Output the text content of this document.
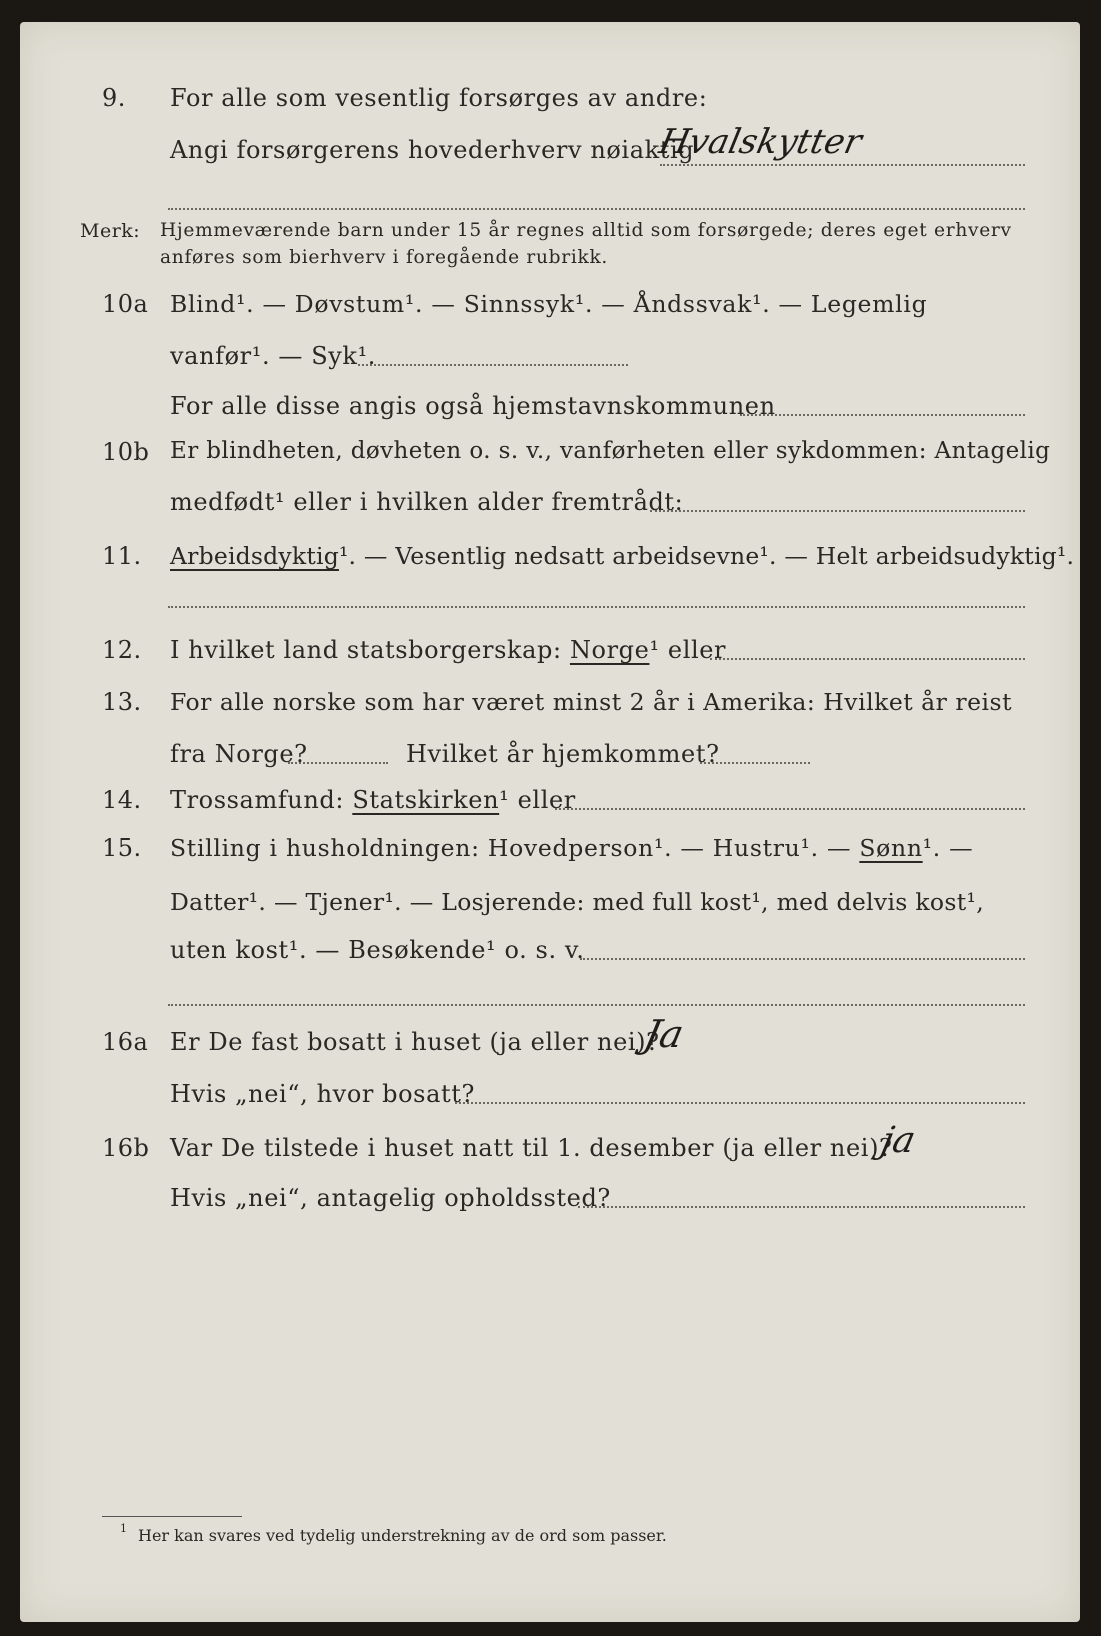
9. For alle som vesentlig forsørges av andre:
Angi forsørgerens hovederhverv nøiaktig
Hvalskytter
Merk: Hjemmeværende barn under 15 år regnes alltid som forsørgede; deres eget erhverv
anføres som bierhverv i foregående rubrikk.
10a Blind¹. — Døvstum¹. — Sinnssyk¹. — Åndssvak¹. — Legemlig
vanfør¹. — Syk¹.
For alle disse angis også hjemstavnskommunen
10b Er blindheten, døvheten o. s. v., vanførheten eller sykdommen: Antagelig
medfødt¹ eller i hvilken alder fremtrådt:
11. Arbeidsdyktig¹. — Vesentlig nedsatt arbeidsevne¹. — Helt arbeidsudyktig¹.
12. I hvilket land statsborgerskap: Norge¹ eller
13. For alle norske som har været minst 2 år i Amerika: Hvilket år reist
fra Norge?	Hvilket år hjemkommet?
14. Trossamfund: Statskirken¹ eller
15. Stilling i husholdningen: Hovedperson¹. — Hustru¹. — Sønn¹. —
Datter¹. — Tjener¹. — Losjerende: med full kost¹, med delvis kost¹,
uten kost¹. — Besøkende¹ o. s. v.
16a Er De fast bosatt i huset (ja eller nei)?
Ja
Hvis „nei“, hvor bosatt?
16b Var De tilstede i huset natt til 1. desember (ja eller nei)?
ja
Hvis „nei“, antagelig opholdssted?
1 Her kan svares ved tydelig understrekning av de ord som passer.
